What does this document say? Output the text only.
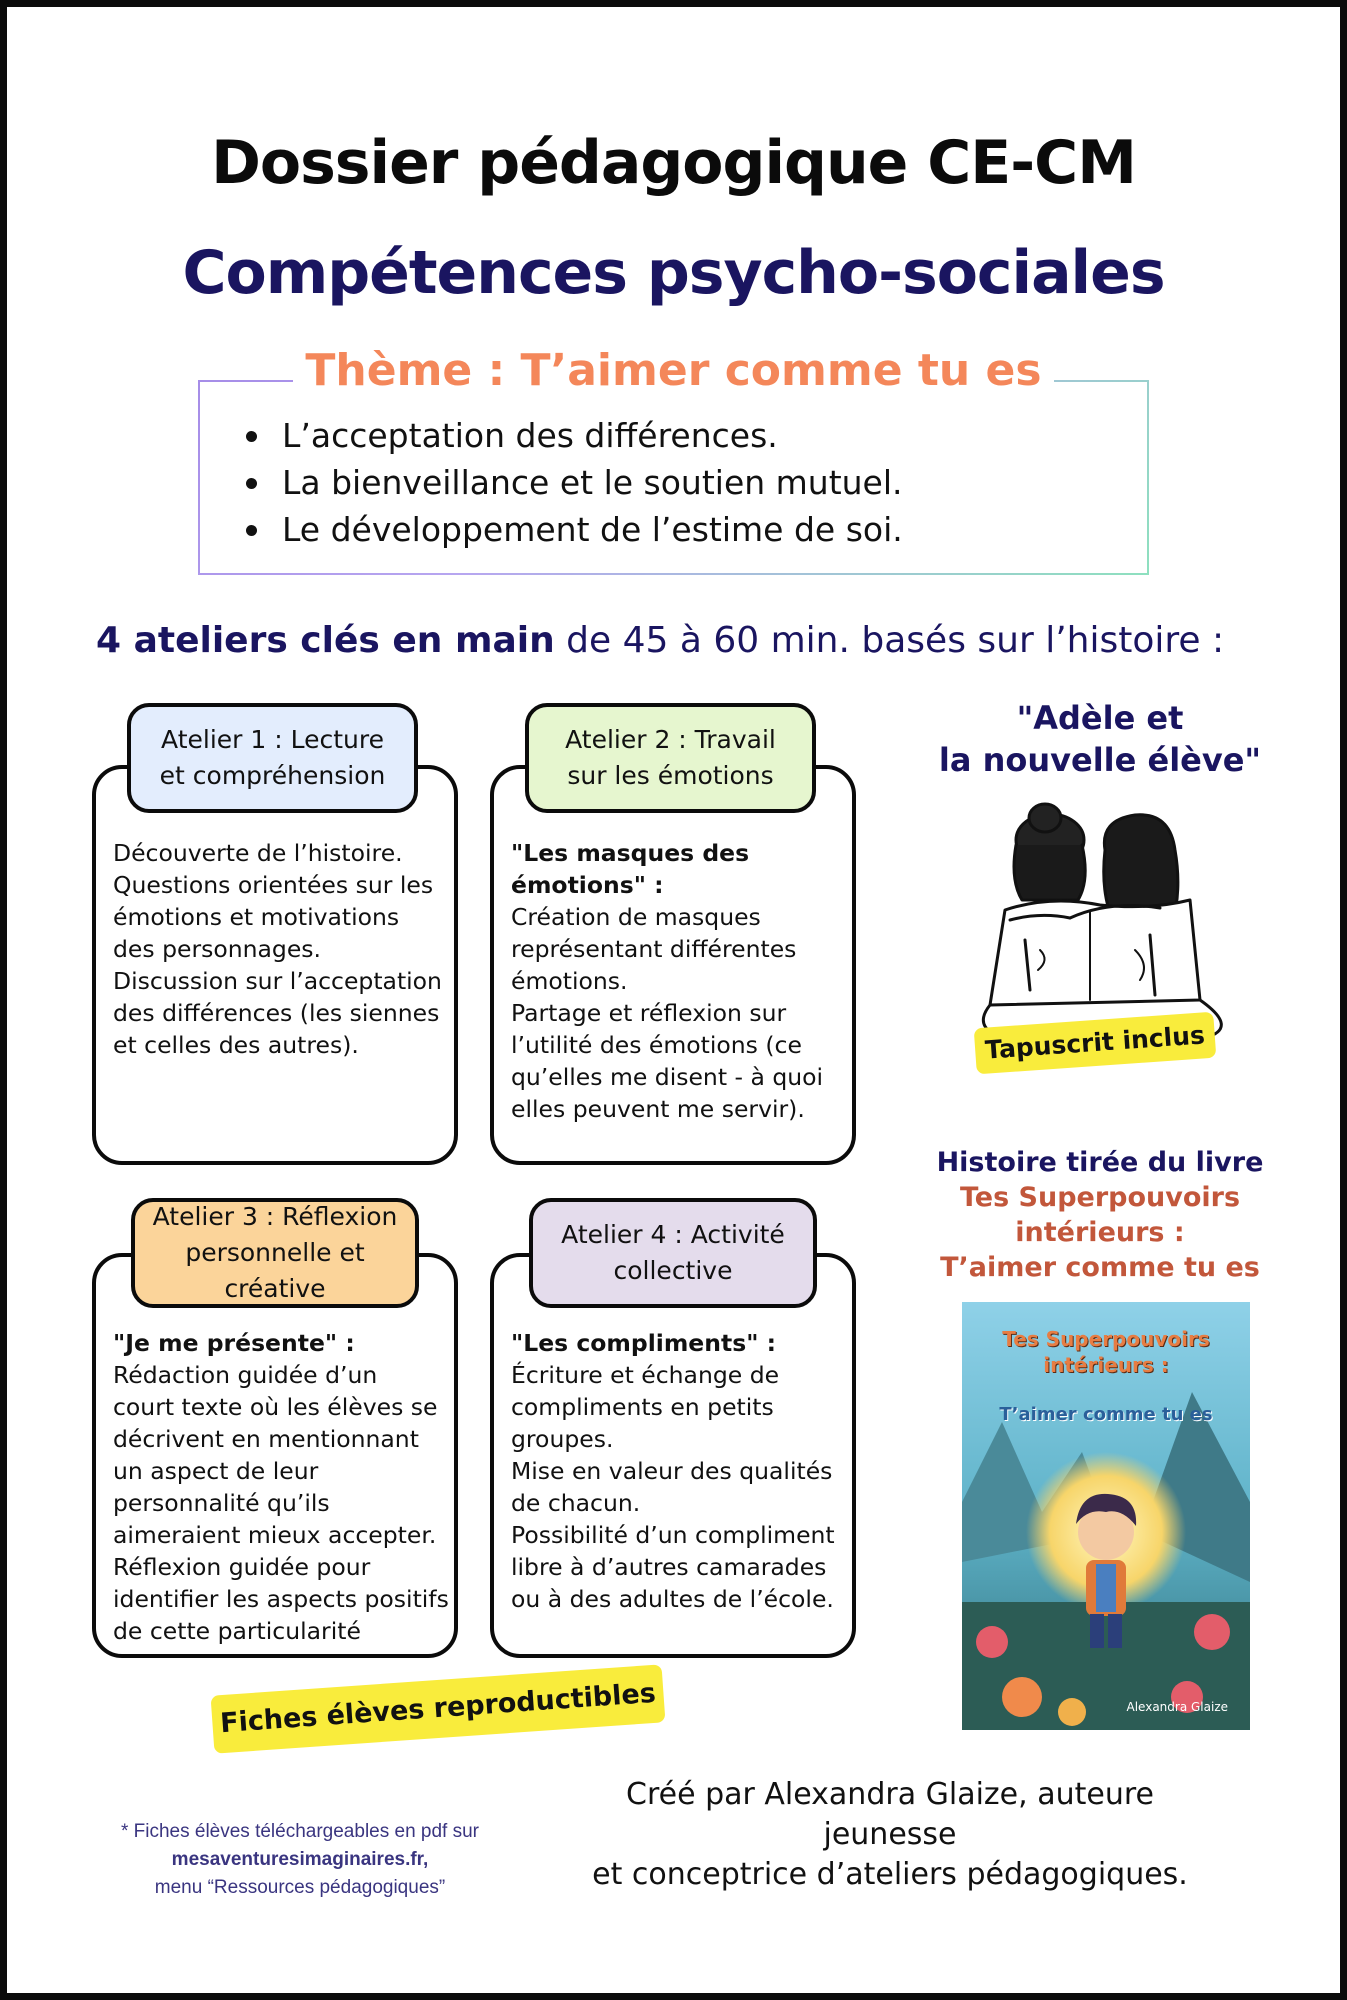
Dossier pédagogique CE-CM
Compétences psycho-sociales
Thème : T’aimer comme tu es
L’acceptation des différences.
La bienveillance et le soutien mutuel.
Le développement de l’estime de soi.
4 ateliers clés en main de 45 à 60 min. basés sur l’histoire :
Atelier 1 : Lecture
et compréhension

Découverte de l’histoire.

Questions orientées sur les

émotions et motivations

des personnages.

Discussion sur l’acceptation

des différences (les siennes

et celles des autres).

Atelier 2 : Travail
sur les émotions
"Les masques des
émotions" :

Création de masques

représentant différentes

émotions.

Partage et réflexion sur

l’utilité des émotions (ce

qu’elles me disent - à quoi

elles peuvent me servir).

Atelier 3 : Réflexion
personnelle et créative
"Je me présente" :

Rédaction guidée d’un

court texte où les élèves se

décrivent en mentionnant

un aspect de leur

personnalité qu’ils

aimeraient mieux accepter.

Réflexion guidée pour

identifier les aspects positifs

de cette particularité

Atelier 4 : Activité
collective
"Les compliments" :

Écriture et échange de

compliments en petits

groupes.

Mise en valeur des qualités

de chacun.

Possibilité d’un compliment

libre à d’autres camarades

ou à des adultes de l’école.

Fiches élèves reproductibles
"Adèle et
la nouvelle élève"
Tapuscrit inclus
Histoire tirée du livre
Tes Superpouvoirs
intérieurs :
T’aimer comme tu es
Tes Superpouvoirs
intérieurs :
T’aimer comme tu es
Alexandra Glaize
Créé par Alexandra Glaize, auteure jeunesse
et conceptrice d’ateliers pédagogiques.
* Fiches élèves téléchargeables en pdf sur
mesaventuresimaginaires.fr,
menu “Ressources pédagogiques”
